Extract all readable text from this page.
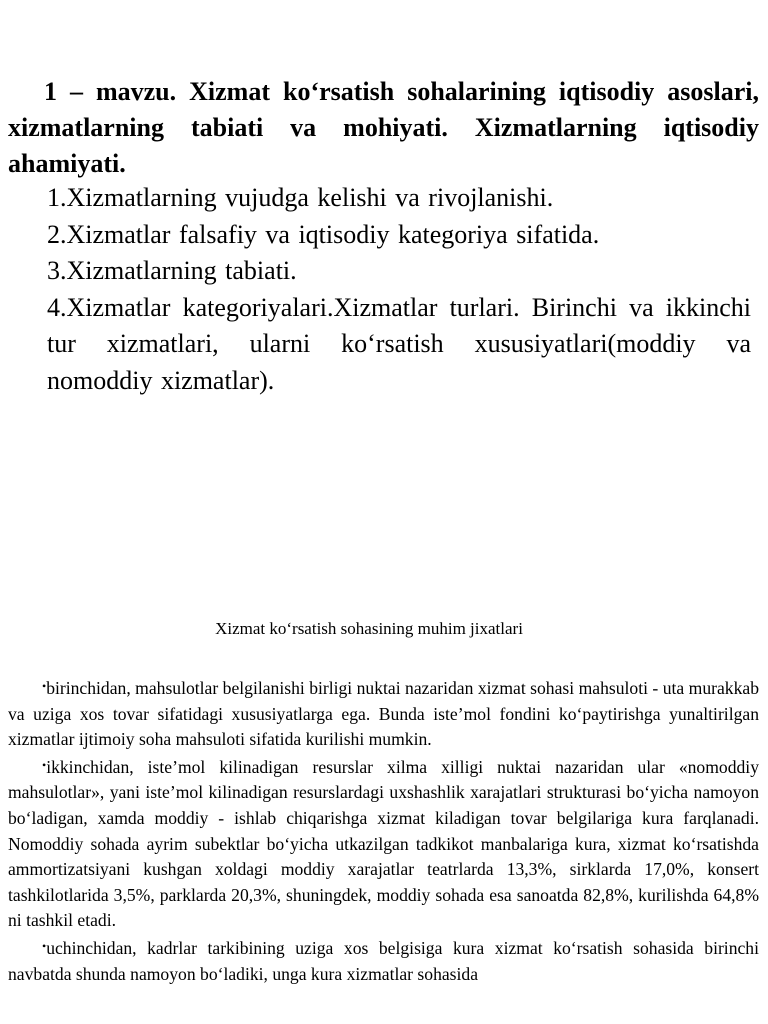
1 – mavzu. Xizmat ko‘rsatish sohalarining iqtisodiy asoslari, xizmatlarning tabiati va mohiyati. Xizmatlarning iqtisodiy ahamiyati.
1.Xizmatlarning vujudga kelishi va rivojlanishi.
2.Xizmatlar falsafiy va iqtisodiy kategoriya sifatida.
3.Xizmatlarning tabiati.
4.Xizmatlar kategoriyalari.Xizmatlar turlari. Birinchi va ikkinchi tur xizmatlari, ularni ko‘rsatish xususiyatlari(moddiy va nomoddiy xizmatlar).

Xizmat ko‘rsatish sohasining muhim jixatlari

•birinchidan, mahsulotlar belgilanishi birligi nuktai nazaridan xizmat sohasi mahsuloti - uta murakkab va uziga xos tovar sifatidagi xususiyatlarga ega. Bunda iste’mol fondini ko‘paytirishga yunaltirilgan xizmatlar ijtimoiy soha mahsuloti sifatida kurilishi mumkin.

•ikkinchidan, iste’mol kilinadigan resurslar xilma xilligi nuktai nazaridan ular «nomoddiy mahsulotlar», yani iste’mol kilinadigan resurslardagi uxshashlik xarajatlari strukturasi bo‘yicha namoyon bo‘ladigan, xamda moddiy - ishlab chiqarishga xizmat kiladigan tovar belgilariga kura farqlanadi. Nomoddiy sohada ayrim subektlar bo‘yicha utkazilgan tadkikot manbalariga kura, xizmat ko‘rsatishda ammortizatsiyani kushgan xoldagi moddiy xarajatlar teatrlarda 13,3%, sirklarda 17,0%, konsert tashkilotlarida 3,5%, parklarda 20,3%, shuningdek, moddiy sohada esa sanoatda 82,8%, kurilishda 64,8% ni tashkil etadi.

•uchinchidan, kadrlar tarkibining uziga xos belgisiga kura xizmat ko‘rsatish sohasida birinchi navbatda shunda namoyon bo‘ladiki, unga kura xizmatlar sohasida
